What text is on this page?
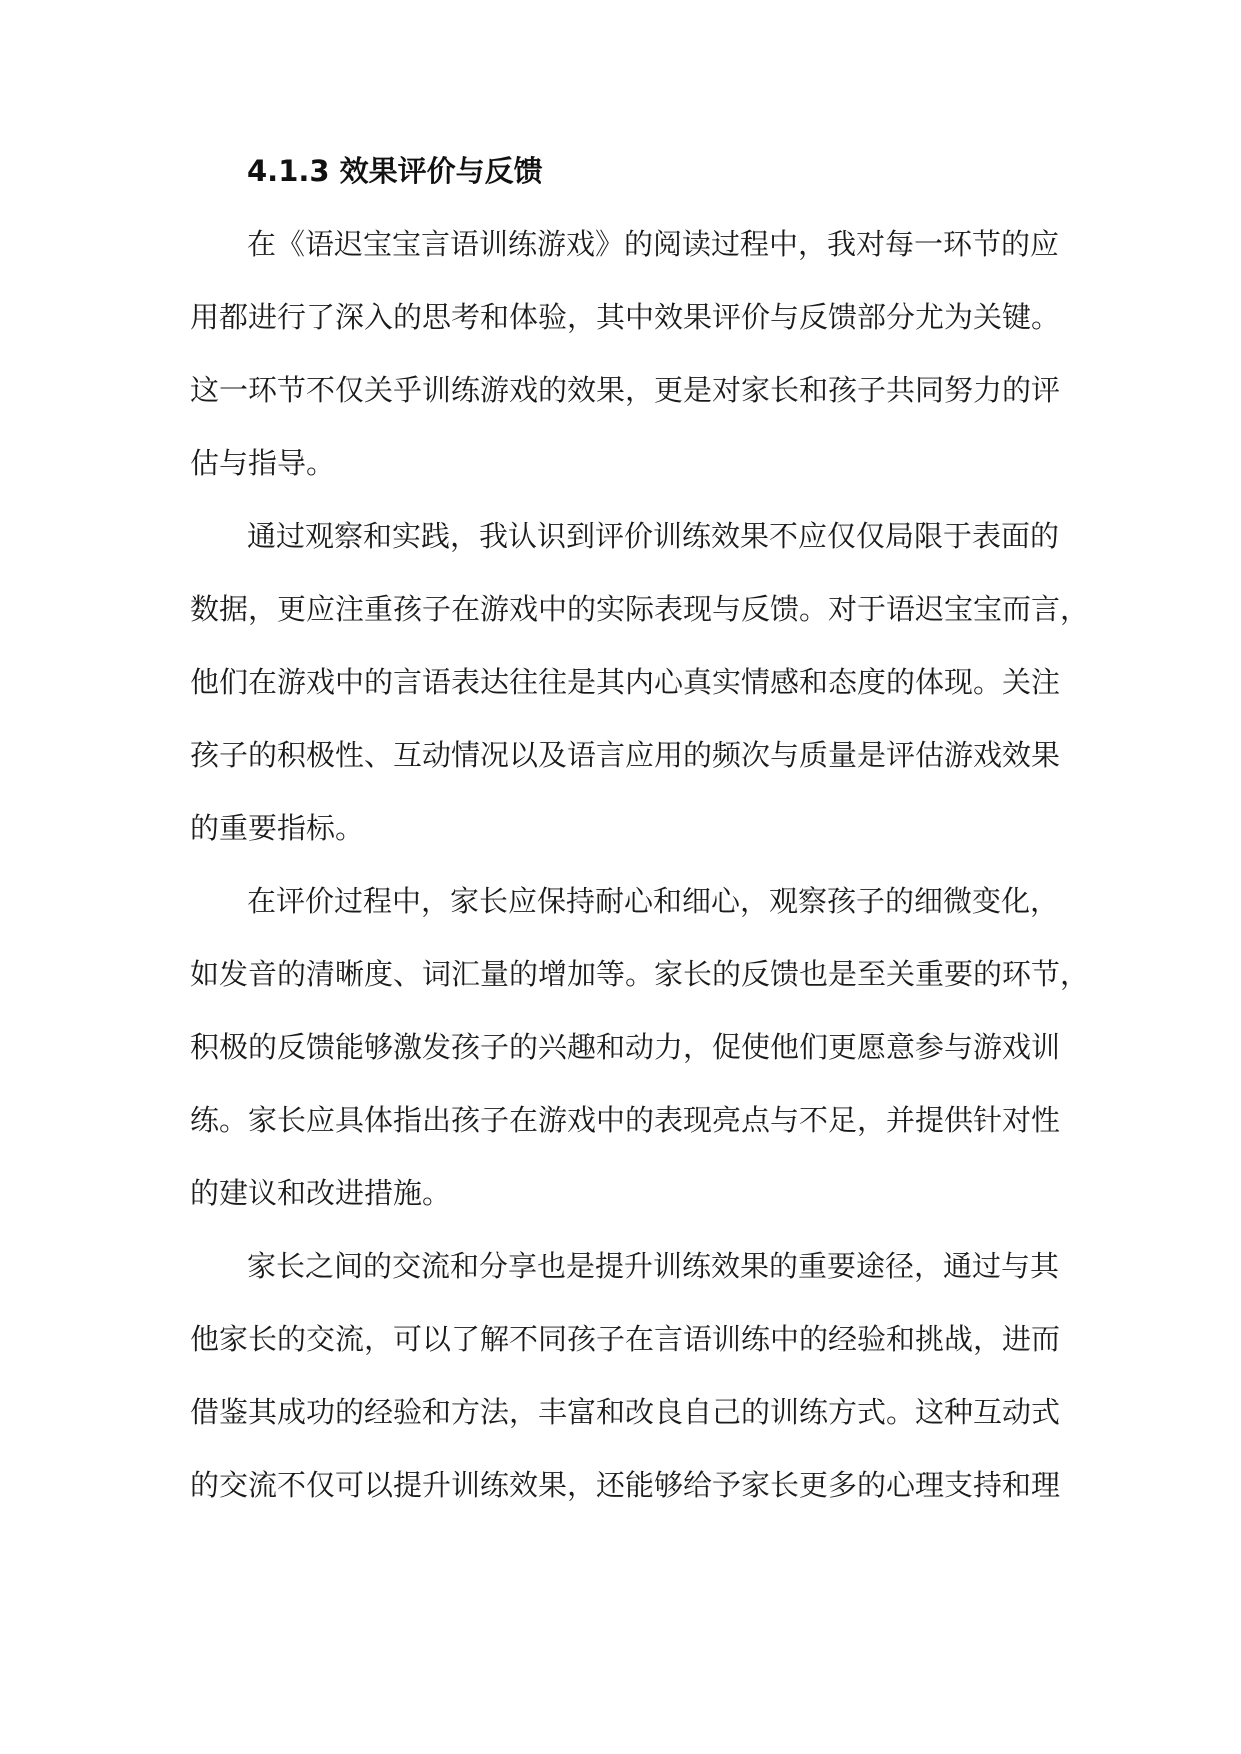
4.1.3 效果评价与反馈
在《语迟宝宝言语训练游戏》的阅读过程中，我对每一环节的应
用都进行了深入的思考和体验，其中效果评价与反馈部分尤为关键。
这一环节不仅关乎训练游戏的效果，更是对家长和孩子共同努力的评
估与指导。
通过观察和实践，我认识到评价训练效果不应仅仅局限于表面的
数据，更应注重孩子在游戏中的实际表现与反馈。对于语迟宝宝而言，
他们在游戏中的言语表达往往是其内心真实情感和态度的体现。关注
孩子的积极性、互动情况以及语言应用的频次与质量是评估游戏效果
的重要指标。
在评价过程中，家长应保持耐心和细心，观察孩子的细微变化，
如发音的清晰度、词汇量的增加等。家长的反馈也是至关重要的环节，
积极的反馈能够激发孩子的兴趣和动力，促使他们更愿意参与游戏训
练。家长应具体指出孩子在游戏中的表现亮点与不足，并提供针对性
的建议和改进措施。
家长之间的交流和分享也是提升训练效果的重要途径，通过与其
他家长的交流，可以了解不同孩子在言语训练中的经验和挑战，进而
借鉴其成功的经验和方法，丰富和改良自己的训练方式。这种互动式
的交流不仅可以提升训练效果，还能够给予家长更多的心理支持和理
